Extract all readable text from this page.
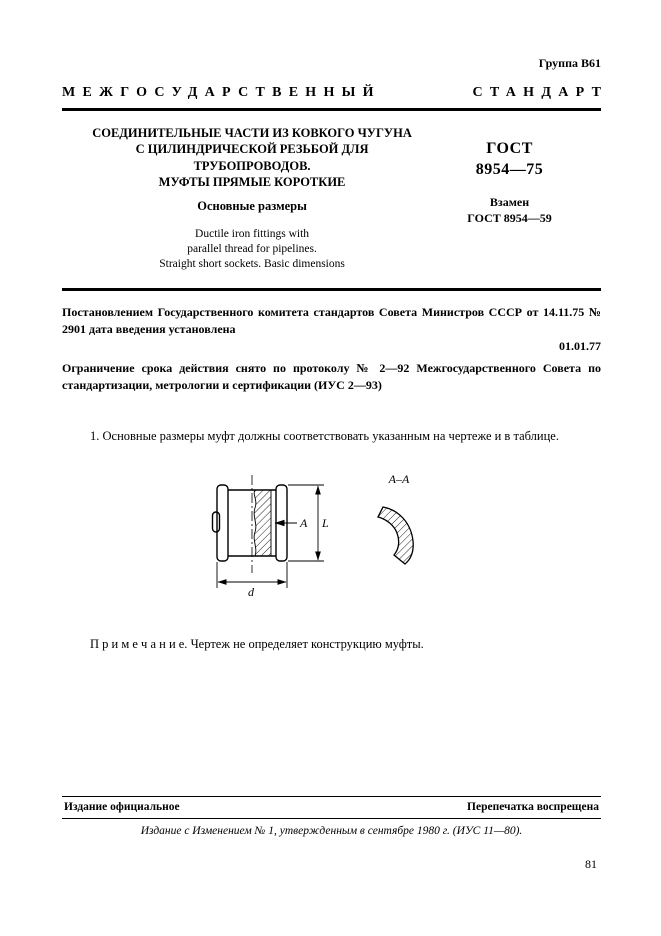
Группа В61
МЕЖГОСУДАРСТВЕННЫЙ	СТАНДАРТ
СОЕДИНИТЕЛЬНЫЕ ЧАСТИ ИЗ КОВКОГО ЧУГУНА
С ЦИЛИНДРИЧЕСКОЙ РЕЗЬБОЙ ДЛЯ ТРУБОПРОВОДОВ.
МУФТЫ ПРЯМЫЕ КОРОТКИЕ
Основные размеры
Ductile iron fittings with
parallel thread for pipelines.
Straight short sockets. Basic dimensions
ГОСТ
8954—75
Взамен
ГОСТ 8954—59
Постановлением Государственного комитета стандартов Совета Министров СССР от 14.11.75 № 2901 дата введения установлена
01.01.77
Ограничение срока действия снято по протоколу № 2—92 Межгосударственного Совета по стандартизации, метрологии и сертификации (ИУС 2—93)
1. Основные размеры муфт должны соответствовать указанным на чертеже и в таблице.
А L
d
А–А
П р и м е ч а н и е. Чертеж не определяет конструкцию муфты.
Издание официальное	Перепечатка воспрещена
Издание с Изменением № 1, утвержденным в сентябре 1980 г. (ИУС 11—80).
81
